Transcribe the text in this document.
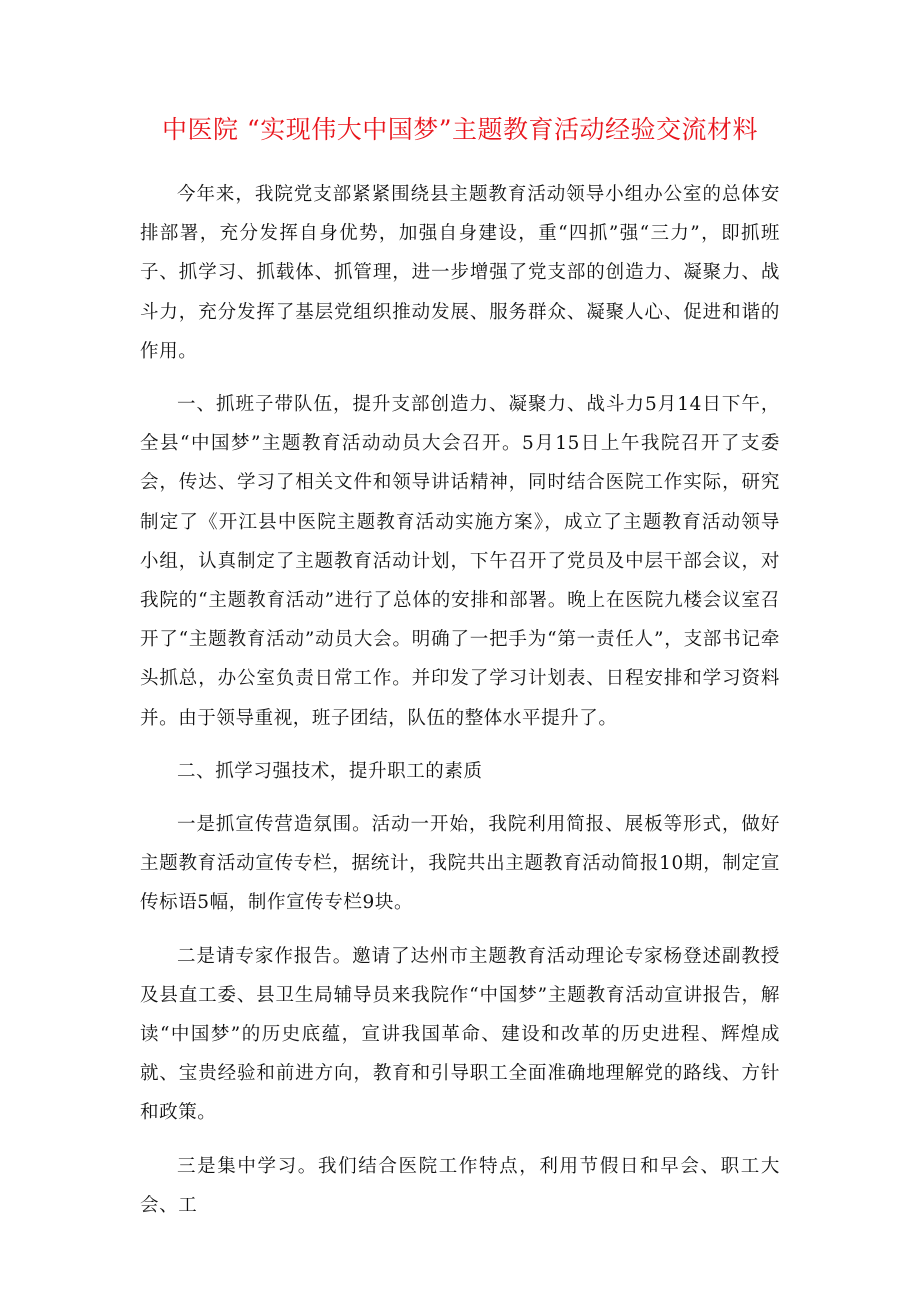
中医院 “实现伟大中国梦”主题教育活动经验交流材料

今年来，我院党支部紧紧围绕县主题教育活动领导小组办公室的总体安排部署，充分发挥自身优势，加强自身建设，重“四抓”强“三力”，即抓班子、抓学习、抓载体、抓管理，进一步增强了党支部的创造力、凝聚力、战斗力，充分发挥了基层党组织推动发展、服务群众、凝聚人心、促进和谐的作用。

一、抓班子带队伍，提升支部创造力、凝聚力、战斗力5月14日下午，全县“中国梦”主题教育活动动员大会召开。5月15日上午我院召开了支委会，传达、学习了相关文件和领导讲话精神，同时结合医院工作实际，研究制定了《开江县中医院主题教育活动实施方案》，成立了主题教育活动领导小组，认真制定了主题教育活动计划，下午召开了党员及中层干部会议，对我院的“主题教育活动”进行了总体的安排和部署。晚上在医院九楼会议室召开了“主题教育活动”动员大会。明确了一把手为“第一责任人”，支部书记牵头抓总，办公室负责日常工作。并印发了学习计划表、日程安排和学习资料并。由于领导重视，班子团结，队伍的整体水平提升了。

二、抓学习强技术，提升职工的素质

一是抓宣传营造氛围。活动一开始，我院利用简报、展板等形式，做好主题教育活动宣传专栏，据统计，我院共出主题教育活动简报10期，制定宣传标语5幅，制作宣传专栏9块。

二是请专家作报告。邀请了达州市主题教育活动理论专家杨登述副教授及县直工委、县卫生局辅导员来我院作“中国梦”主题教育活动宣讲报告，解读“中国梦”的历史底蕴，宣讲我国革命、建设和改革的历史进程、辉煌成就、宝贵经验和前进方向，教育和引导职工全面准确地理解党的路线、方针和政策。

三是集中学习。我们结合医院工作特点，利用节假日和早会、职工大会、工
